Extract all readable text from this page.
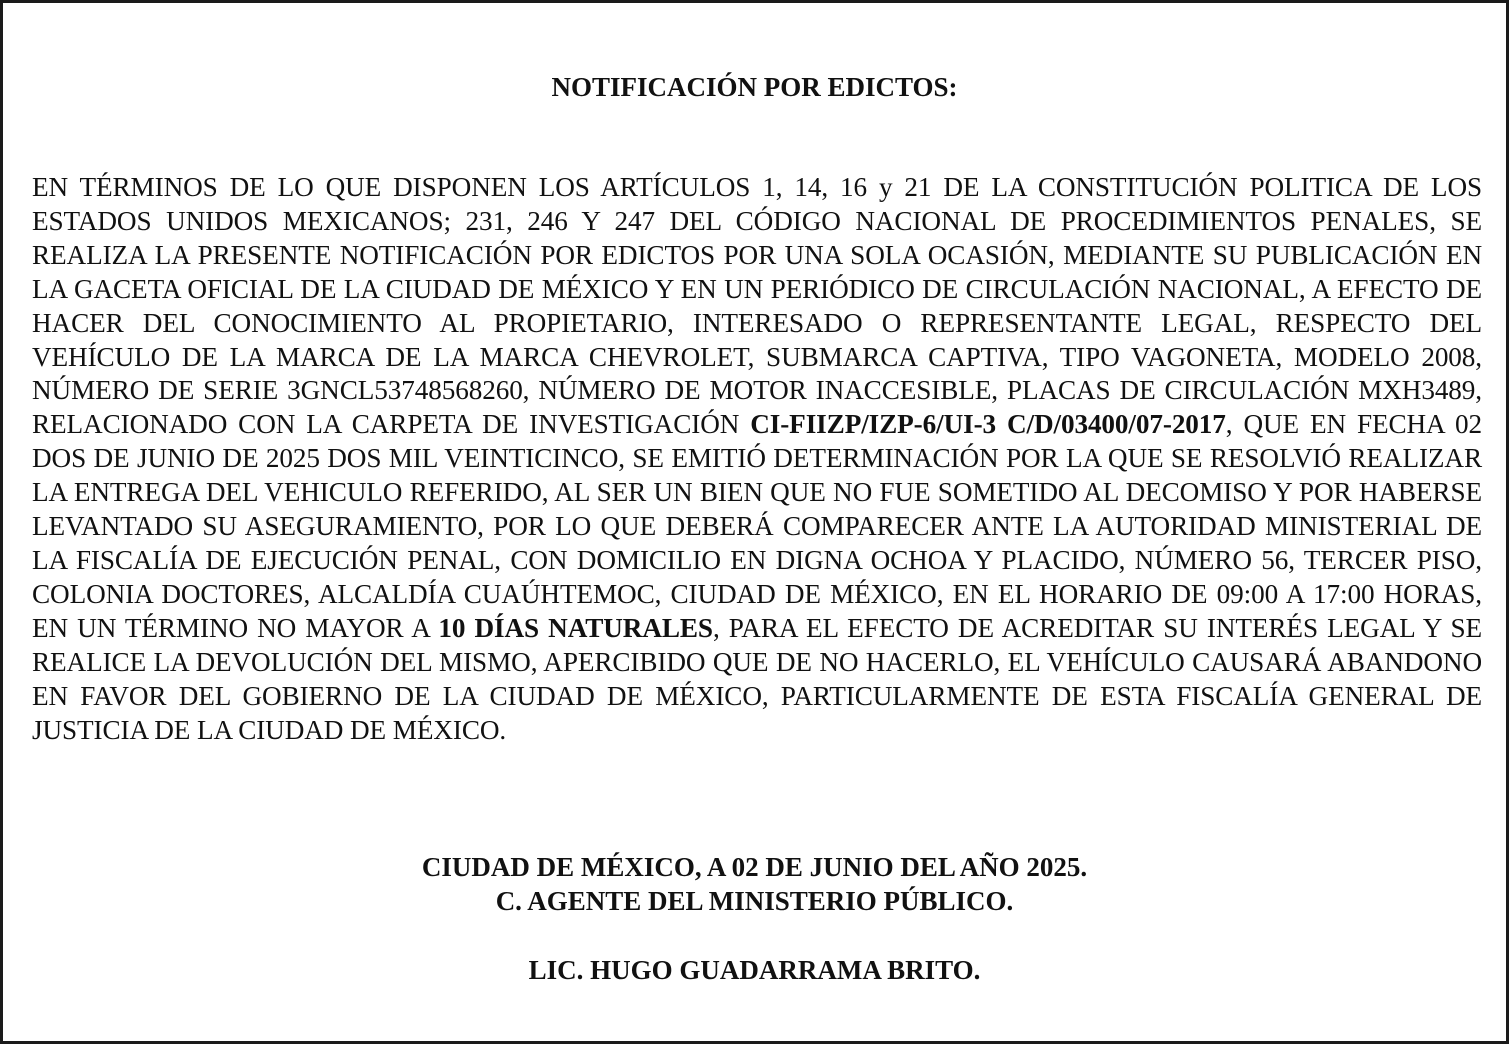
NOTIFICACIÓN POR EDICTOS:

EN TÉRMINOS DE LO QUE DISPONEN LOS ARTÍCULOS 1, 14, 16 y 21 DE LA CONSTITUCIÓN POLITICA DE LOS ESTADOS UNIDOS MEXICANOS; 231, 246 Y 247 DEL CÓDIGO NACIONAL DE PROCEDIMIENTOS PENALES, SE REALIZA LA PRESENTE NOTIFICACIÓN POR EDICTOS POR UNA SOLA OCASIÓN, MEDIANTE SU PUBLICACIÓN EN LA GACETA OFICIAL DE LA CIUDAD DE MÉXICO Y EN UN PERIÓDICO DE CIRCULACIÓN NACIONAL, A EFECTO DE HACER DEL CONOCIMIENTO AL PROPIETARIO, INTERESADO O REPRESENTANTE LEGAL, RESPECTO DEL VEHÍCULO DE LA MARCA DE LA MARCA CHEVROLET, SUBMARCA CAPTIVA, TIPO VAGONETA, MODELO 2008, NÚMERO DE SERIE 3GNCL53748568260, NÚMERO DE MOTOR INACCESIBLE, PLACAS DE CIRCULACIÓN MXH3489, RELACIONADO CON LA CARPETA DE INVESTIGACIÓN CI-FIIZP/IZP-6/UI-3 C/D/03400/07-2017, QUE EN FECHA 02 DOS DE JUNIO DE 2025 DOS MIL VEINTICINCO, SE EMITIÓ DETERMINACIÓN POR LA QUE SE RESOLVIÓ REALIZAR LA ENTREGA DEL VEHICULO REFERIDO, AL SER UN BIEN QUE NO FUE SOMETIDO AL DECOMISO Y POR HABERSE LEVANTADO SU ASEGURAMIENTO, POR LO QUE DEBERÁ COMPARECER ANTE LA AUTORIDAD MINISTERIAL DE LA FISCALÍA DE EJECUCIÓN PENAL, CON DOMICILIO EN DIGNA OCHOA Y PLACIDO, NÚMERO 56, TERCER PISO, COLONIA DOCTORES, ALCALDÍA CUAÚHTEMOC, CIUDAD DE MÉXICO, EN EL HORARIO DE 09:00 A 17:00 HORAS, EN UN TÉRMINO NO MAYOR A 10 DÍAS NATURALES, PARA EL EFECTO DE ACREDITAR SU INTERÉS LEGAL Y SE REALICE LA DEVOLUCIÓN DEL MISMO, APERCIBIDO QUE DE NO HACERLO, EL VEHÍCULO CAUSARÁ ABANDONO EN FAVOR DEL GOBIERNO DE LA CIUDAD DE MÉXICO, PARTICULARMENTE DE ESTA FISCALÍA GENERAL DE JUSTICIA DE LA CIUDAD DE MÉXICO.

CIUDAD DE MÉXICO, A 02 DE JUNIO DEL AÑO 2025.

C. AGENTE DEL MINISTERIO PÚBLICO.

LIC. HUGO GUADARRAMA BRITO.
